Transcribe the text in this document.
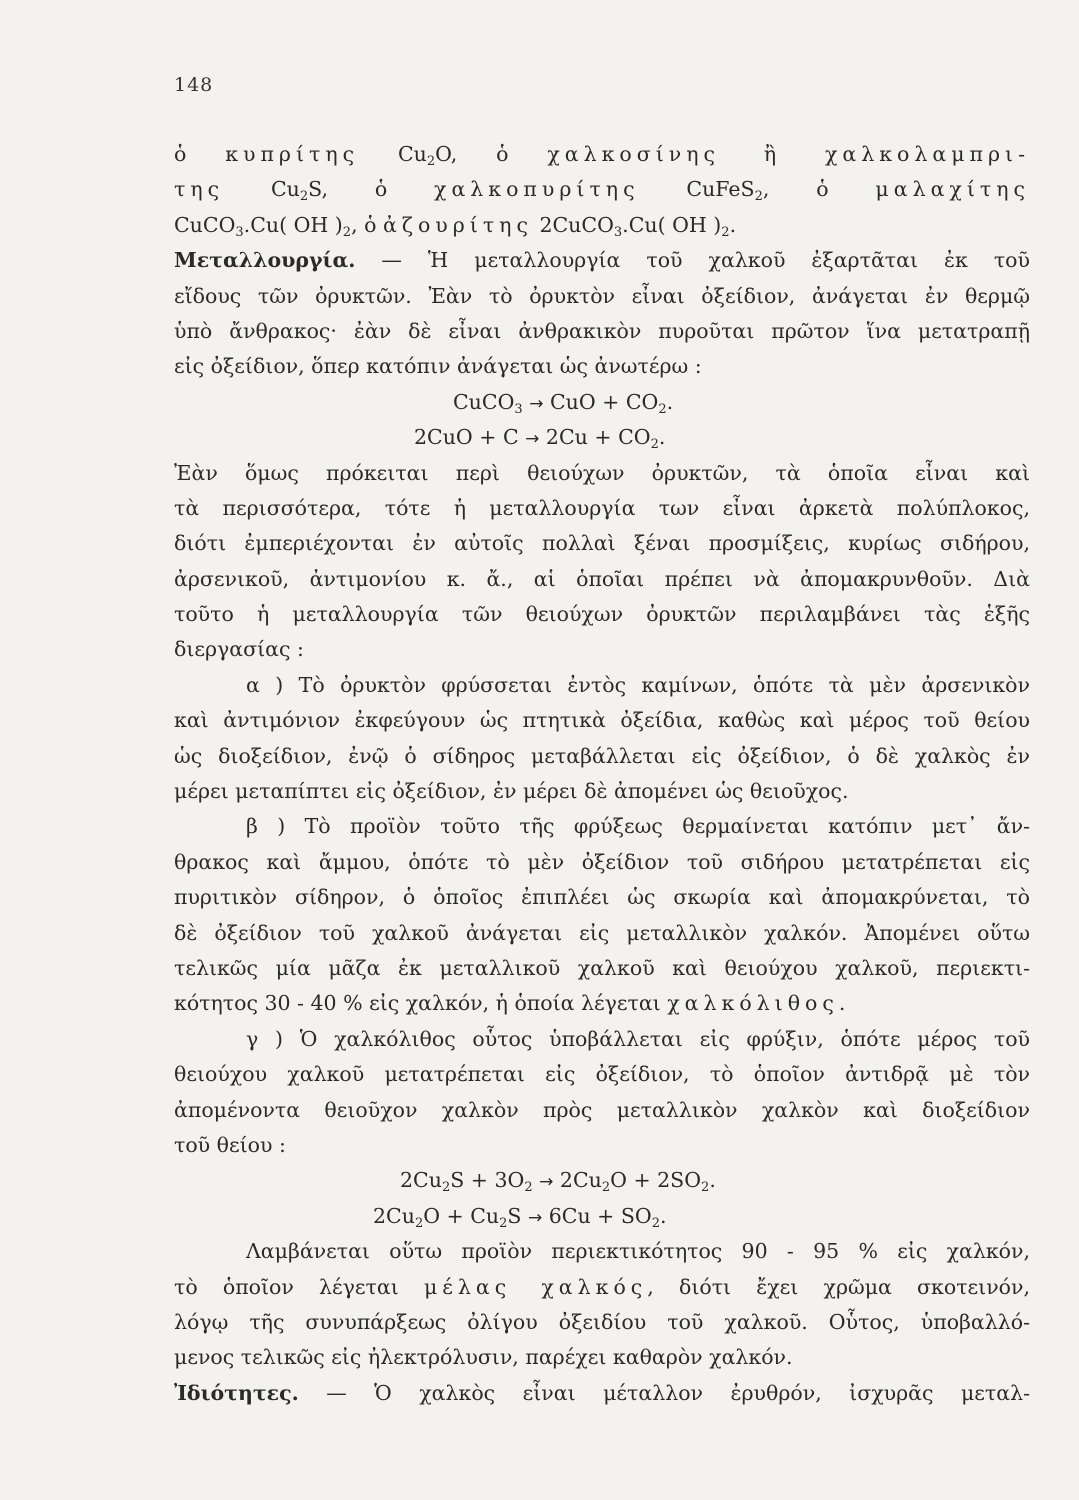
148
ὁ κυπρίτης $Cu_2O$, ὁ χαλκοσίνης ἢ χαλκολαμπρι-
της $Cu_2S$, ὁ χαλκοπυρίτης CuFeS$_2$, ὁ μαλαχίτης
CuCO$_3$.Cu( OH )$_2$, ὁ ἀζουρίτης 2CuCO$_3$.Cu( OH )$_2$.
Μεταλλουργία. — Ἡ μεταλλουργία τοῦ χαλκοῦ ἐξαρτᾶται ἐκ τοῦ
εἴδους τῶν ὀρυκτῶν. Ἐὰν τὸ ὀρυκτὸν εἶναι ὀξείδιον, ἀνάγεται ἐν θερμῷ
ὑπὸ ἄνθρακος· ἐὰν δὲ εἶναι ἀνθρακικὸν πυροῦται πρῶτον ἵνα μετατραπῇ
εἰς ὀξείδιον, ὅπερ κατόπιν ἀνάγεται ὡς ἀνωτέρω :
CuCO$_3$ → CuO + $CO_2$.
$2CuO + C \to 2Cu + CO_2$.
Ἐὰν ὅμως πρόκειται περὶ θειούχων ὀρυκτῶν, τὰ ὁποῖα εἶναι καὶ
τὰ περισσότερα, τότε ἡ μεταλλουργία των εἶναι ἀρκετὰ πολύπλοκος,
διότι ἐμπεριέχονται ἐν αὐτοῖς πολλαὶ ξέναι προσμίξεις, κυρίως σιδήρου,
ἀρσενικοῦ, ἀντιμονίου κ. ἄ., αἱ ὁποῖαι πρέπει νὰ ἀπομακρυνθοῦν. Διὰ
τοῦτο ἡ μεταλλουργία τῶν θειούχων ὀρυκτῶν περιλαμβάνει τὰς ἑξῆς
διεργασίας :
α ) Τὸ ὀρυκτὸν φρύσσεται ἐντὸς καμίνων, ὁπότε τὰ μὲν ἀρσενικὸν
καὶ ἀντιμόνιον ἐκφεύγουν ὡς πτητικὰ ὀξείδια, καθὼς καὶ μέρος τοῦ θείου
ὡς διοξείδιον, ἐνῷ ὁ σίδηρος μεταβάλλεται εἰς ὀξείδιον, ὁ δὲ χαλκὸς ἐν
μέρει μεταπίπτει εἰς ὀξείδιον, ἐν μέρει δὲ ἀπομένει ὡς θειοῦχος.
β ) Τὸ προϊὸν τοῦτο τῆς φρύξεως θερμαίνεται κατόπιν μετ᾽ ἄν-
θρακος καὶ ἄμμου, ὁπότε τὸ μὲν ὀξείδιον τοῦ σιδήρου μετατρέπεται εἰς
πυριτικὸν σίδηρον, ὁ ὁποῖος ἐπιπλέει ὡς σκωρία καὶ ἀπομακρύνεται, τὸ
δὲ ὀξείδιον τοῦ χαλκοῦ ἀνάγεται εἰς μεταλλικὸν χαλκόν. Ἀπομένει οὕτω
τελικῶς μία μᾶζα ἐκ μεταλλικοῦ χαλκοῦ καὶ θειούχου χαλκοῦ, περιεκτι-
κότητος 30 - 40 % εἰς χαλκόν, ἡ ὁποία λέγεται χαλκόλιθος.
γ ) Ὁ χαλκόλιθος οὗτος ὑποβάλλεται εἰς φρύξιν, ὁπότε μέρος τοῦ
θειούχου χαλκοῦ μετατρέπεται εἰς ὀξείδιον, τὸ ὁποῖον ἀντιδρᾷ μὲ τὸν
ἀπομένοντα θειοῦχον χαλκὸν πρὸς μεταλλικὸν χαλκὸν καὶ διοξείδιον
τοῦ θείου :
$2Cu_2S + 3O_2 \to 2Cu_2O + 2SO_2$.
$2Cu_2O + Cu_2S \to 6Cu + SO_2$.
Λαμβάνεται οὕτω προϊὸν περιεκτικότητος 90 - 95 % εἰς χαλκόν,
τὸ ὁποῖον λέγεται μέλας χαλκός, διότι ἔχει χρῶμα σκοτεινόν,
λόγῳ τῆς συνυπάρξεως ὀλίγου ὀξειδίου τοῦ χαλκοῦ. Οὗτος, ὑποβαλλό-
μενος τελικῶς εἰς ἠλεκτρόλυσιν, παρέχει καθαρὸν χαλκόν.
Ἰδιότητες. — Ὁ χαλκὸς εἶναι μέταλλον ἐρυθρόν, ἰσχυρᾶς μεταλ-
